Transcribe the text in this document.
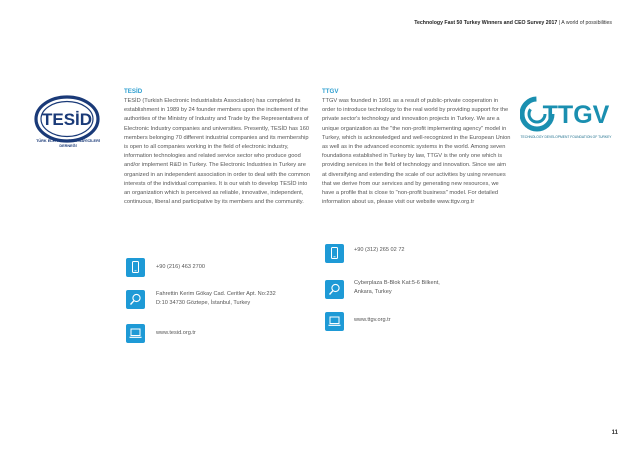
Technology Fast 50 Turkey Winners and CEO Survey 2017 | A world of possibilities
TESİD
TÜRK ELEKTRONİK SANAYİCİLERİ DERNEĞİ
TTGV
TECHNOLOGY DEVELOPMENT FOUNDATION OF TURKEY
TESİD
TESİD (Turkish Electronic Industrialists Association) has completed its establishment in 1989 by 24 founder members upon the incitement of the authorities of the Ministry of Industry and Trade by the Representatives of Electronic Industry companies and universities. Presently, TESİD has 160 members belonging 70 different industrial companies and its membership is open to all companies working in the field of electronic industry, information technologies and related service sector who produce good and/or implement R&D in Turkey. The Electronic Industries in Turkey are organized in an independent association in order to deal with the common interests of the individual companies. It is our wish to develop TESİD into an organization which is perceived as reliable, innovative, independent, continuous, liberal and participative by its members and the community.
TTGV
TTGV was founded in 1991 as a result of public-private cooperation in order to introduce technology to the real world by providing support for the private sector's technology and innovation projects in Turkey. We are a unique organization as the "the non-profit implementing agency" model in Turkey, which is acknowledged and well-recognized in the European Union as well as in the advanced economic systems in the world. Among seven foundations established in Turkey by law, TTGV is the only one which is providing services in the field of technology and innovation. Since we aim at diversifying and extending the scale of our activities by using revenues that we derive from our services and by generating new resources, we have a profile that is close to "non-profit business" model. For detailed information about us, please visit our website www.ttgv.org.tr
+90 (216) 463 2700
Fahrettin Kerim Gökay Cad. Ceritler Apt. No:232
D:10 34730 Göztepe, İstanbul, Turkey
www.tesid.org.tr
+90 (312) 265 02 72
Cyberplaza B-Blok Kat:5-6 Bilkent,
Ankara, Turkey
www.ttgv.org.tr
11
